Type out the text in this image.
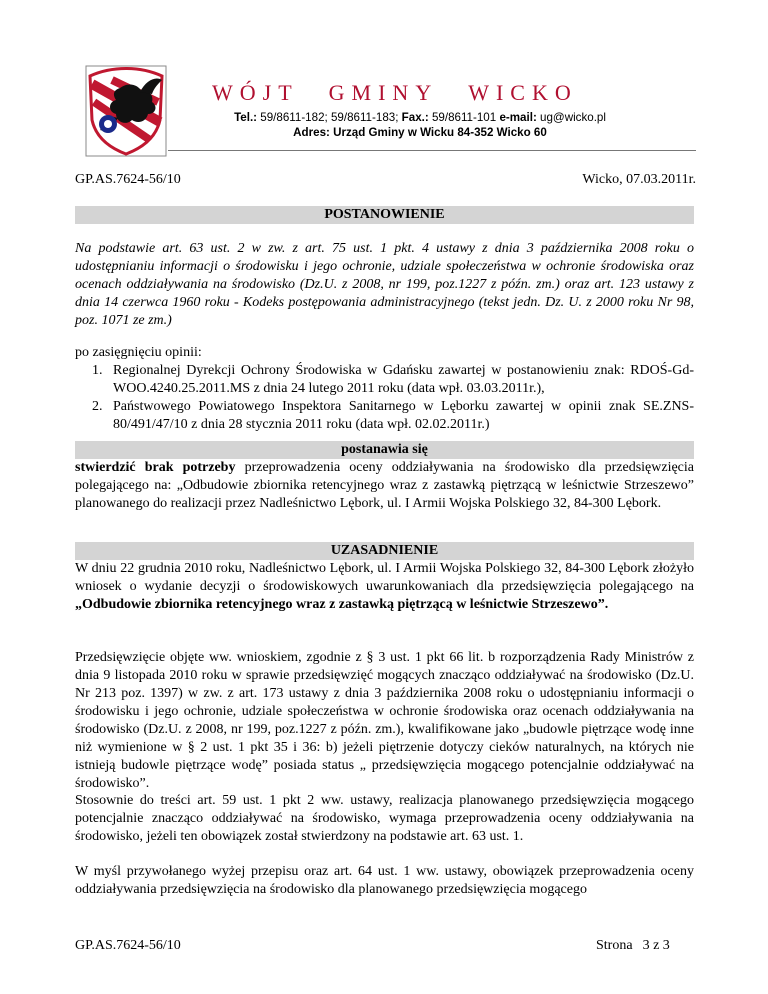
WÓJT GMINY WICKO
Tel.: 59/8611-182; 59/8611-183; Fax.: 59/8611-101 e-mail: ug@wicko.pl
Adres: Urząd Gminy w Wicku 84-352 Wicko 60
GP.AS.7624-56/10	Wicko, 07.03.2011r.
POSTANOWIENIE
Na podstawie art. 63 ust. 2 w zw. z art. 75 ust. 1 pkt. 4 ustawy z dnia 3 października 2008 roku o udostępnianiu informacji o środowisku i jego ochronie, udziale społeczeństwa w ochronie środowiska oraz ocenach oddziaływania na środowisko (Dz.U. z 2008, nr 199, poz.1227 z późn. zm.) oraz art. 123 ustawy z dnia 14 czerwca 1960 roku - Kodeks postępowania administracyjnego (tekst jedn. Dz. U. z 2000 roku Nr 98, poz. 1071 ze zm.)
po zasięgnięciu opinii:
1. Regionalnej Dyrekcji Ochrony Środowiska w Gdańsku zawartej w postanowieniu znak: RDOŚ-Gd-WOO.4240.25.2011.MS z dnia 24 lutego 2011 roku (data wpł. 03.03.2011r.),
2. Państwowego Powiatowego Inspektora Sanitarnego w Lęborku zawartej w opinii znak SE.ZNS-80/491/47/10 z dnia 28 stycznia 2011 roku (data wpł. 02.02.2011r.)
postanawia się
stwierdzić brak potrzeby przeprowadzenia oceny oddziaływania na środowisko dla przedsięwzięcia polegającego na: „Odbudowie zbiornika retencyjnego wraz z zastawką piętrzącą w leśnictwie Strzeszewo” planowanego do realizacji przez Nadleśnictwo Lębork, ul. I Armii Wojska Polskiego 32, 84-300 Lębork.
UZASADNIENIE
W dniu 22 grudnia 2010 roku, Nadleśnictwo Lębork, ul. I Armii Wojska Polskiego 32, 84-300 Lębork złożyło wniosek o wydanie decyzji o środowiskowych uwarunkowaniach dla przedsięwzięcia polegającego na „Odbudowie zbiornika retencyjnego wraz z zastawką piętrzącą w leśnictwie Strzeszewo”.
Przedsięwzięcie objęte ww. wnioskiem, zgodnie z § 3 ust. 1 pkt 66 lit. b rozporządzenia Rady Ministrów z dnia 9 listopada 2010 roku w sprawie przedsięwzięć mogących znacząco oddziaływać na środowisko (Dz.U. Nr 213 poz. 1397) w zw. z art. 173 ustawy z dnia 3 października 2008 roku o udostępnianiu informacji o środowisku i jego ochronie, udziale społeczeństwa w ochronie środowiska oraz ocenach oddziaływania na środowisko (Dz.U. z 2008, nr 199, poz.1227 z późn. zm.), kwalifikowane jako „budowle piętrzące wodę inne niż wymienione w § 2 ust. 1 pkt 35 i 36: b) jeżeli piętrzenie dotyczy cieków naturalnych, na których nie istnieją budowle piętrzące wodę” posiada status „ przedsięwzięcia mogącego potencjalnie oddziaływać na środowisko”.
Stosownie do treści art. 59 ust. 1 pkt 2 ww. ustawy, realizacja planowanego przedsięwzięcia mogącego potencjalnie znacząco oddziaływać na środowisko, wymaga przeprowadzenia oceny oddziaływania na środowisko, jeżeli ten obowiązek został stwierdzony na podstawie art. 63 ust. 1.
W myśl przywołanego wyżej przepisu oraz art. 64 ust. 1 ww. ustawy, obowiązek przeprowadzenia oceny oddziaływania przedsięwzięcia na środowisko dla planowanego przedsięwzięcia mogącego
GP.AS.7624-56/10	Strona 3 z 3
